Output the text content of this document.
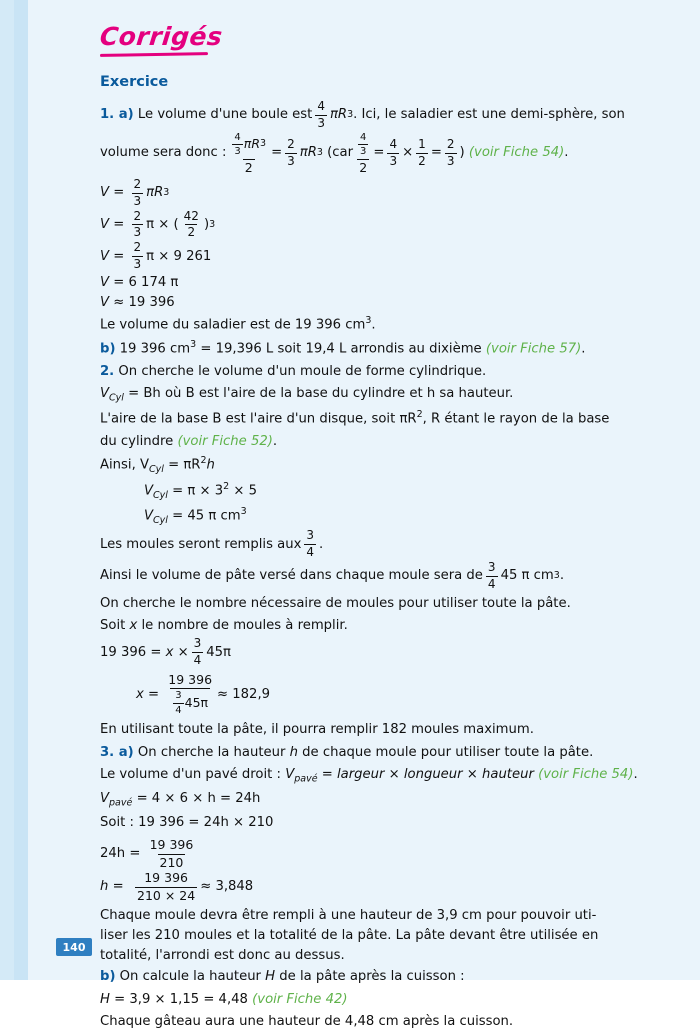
Corrigés
Exercice
1. a)
Le volume d'une boule est $\frac{4}{3}$ πR 3 . Ici, le saladier est une demi-sphère, son
volume sera donc : $\frac{\frac{4}{3} \pi R 3}{2} = \frac{2}{3}$ πR 3
($car \frac{\frac{4}{3}}{2} = \frac{4}{3} \times \frac{1}{2} = \frac{2}{3}$ )
(voir Fiche 54) .
V
=
$\frac{2}{3}$ πR 3
V
=
$\frac{2}{3}$ π × ( $\frac{42}{2}$ ) 3
V
=
$\frac{2}{3}$ π × 9 261
V = 6 174 π
V ≈ 19 396
Le volume du saladier est de 19 396 $cm^3$.
b) 19 396 $cm^3 = 19,396$ L soit 19,4 L arrondis au dixième (voir Fiche 57).
2. On cherche le volume d'un moule de forme cylindrique.
$V_{Cyl} = Bh$ où B est l'aire de la base du cylindre et h sa hauteur.
L'aire de la base B est l'aire d'un disque, soit $\pi R^2$, R étant le rayon de la base
du cylindre (voir Fiche 52).
Ainsi, $V_{Cyl} = \pi R^2h$
$V_{Cyl} = \pi \times 3^2 \times 5$
$V_{Cyl} = 45$ π $cm^3$
Les moules seront remplis aux $\frac{3}{4}$ .
Ainsi le volume de pâte versé dans chaque moule sera de $\frac{3}{4} 45$ π cm 3 .
On cherche le nombre nécessaire de moules pour utiliser toute la pâte.
Soit x le nombre de moules à remplir.
19 $396 = x \times \frac{3}{4} 45\pi$
x
=
$\frac{19 396}{\frac{3}{4} 45\pi} \approx 182,9$
En utilisant toute la pâte, il pourra remplir 182 moules maximum.
3. a) On cherche la hauteur h de chaque moule pour utiliser toute la pâte.
Le volume d'un pavé droit : $V_{pavé}$ = largeur × longueur × hauteur (voir Fiche 54).
$V_{pavé} = 4 \times 6 \times h = 24h$
Soit : 19 396 = 24h × 210
24h =
$\frac{19 396}{210}$
h
=
$\frac{19 396}{210 \times 24} \approx 3,848$
Chaque moule devra être rempli à une hauteur de 3,9 cm pour pouvoir uti-
liser les 210 moules et la totalité de la pâte. La pâte devant être utilisée en
totalité, l'arrondi est donc au dessus.
b) On calcule la hauteur H de la pâte après la cuisson :
H = 3,9 × 1,15 = 4,48 (voir Fiche 42)
Chaque gâteau aura une hauteur de 4,48 cm après la cuisson.
140
